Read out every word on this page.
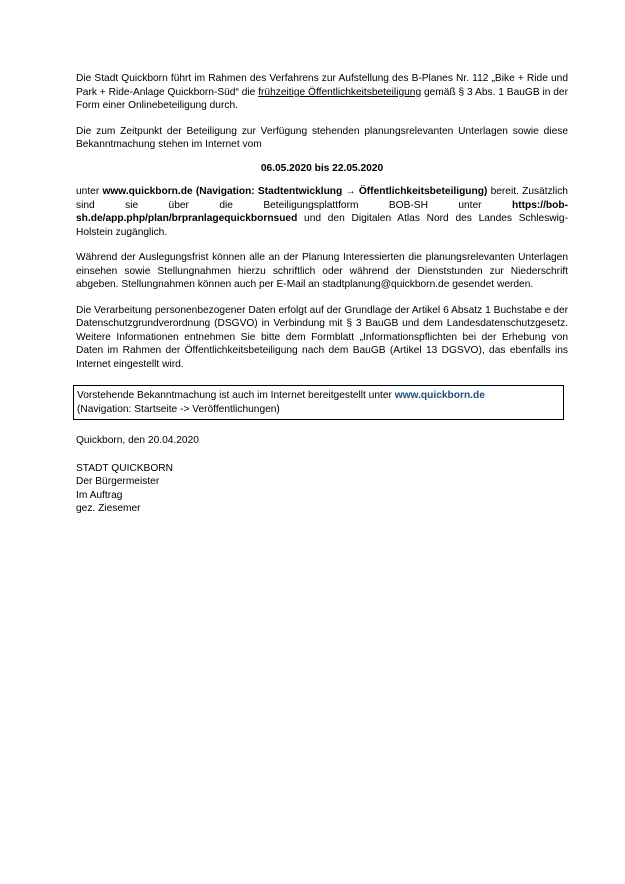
Die Stadt Quickborn führt im Rahmen des Verfahrens zur Aufstellung des B-Planes Nr. 112 „Bike + Ride und Park + Ride-Anlage Quickborn-Süd“ die frühzeitige Öffentlichkeitsbeteiligung gemäß § 3 Abs. 1 BauGB in der Form einer Onlinebeteiligung durch.

Die zum Zeitpunkt der Beteiligung zur Verfügung stehenden planungsrelevanten Unterlagen sowie diese Bekanntmachung stehen im Internet vom

06.05.2020 bis 22.05.2020

unter www.quickborn.de (Navigation: Stadtentwicklung → Öffentlichkeitsbeteiligung) bereit. Zusätzlich sind sie über die Beteiligungsplattform BOB-SH unter https://bob-sh.de/app.php/plan/brpranlagequickbornsued und den Digitalen Atlas Nord des Landes Schleswig-Holstein zugänglich.

Während der Auslegungsfrist können alle an der Planung Interessierten die planungsrelevanten Unterlagen einsehen sowie Stellungnahmen hierzu schriftlich oder während der Dienststunden zur Niederschrift abgeben. Stellungnahmen können auch per E-Mail an stadtplanung@quickborn.de gesendet werden.

Die Verarbeitung personenbezogener Daten erfolgt auf der Grundlage der Artikel 6 Absatz 1 Buchstabe e der Datenschutzgrundverordnung (DSGVO) in Verbindung mit § 3 BauGB und dem Landesdatenschutzgesetz. Weitere Informationen entnehmen Sie bitte dem Formblatt „Informationspflichten bei der Erhebung von Daten im Rahmen der Öffentlichkeitsbeteiligung nach dem BauGB (Artikel 13 DGSVO), das ebenfalls ins Internet eingestellt wird.

Vorstehende Bekanntmachung ist auch im Internet bereitgestellt unter www.quickborn.de

(Navigation: Startseite -> Veröffentlichungen)

Quickborn, den 20.04.2020

STADT QUICKBORN

Der Bürgermeister

Im Auftrag

gez. Ziesemer
